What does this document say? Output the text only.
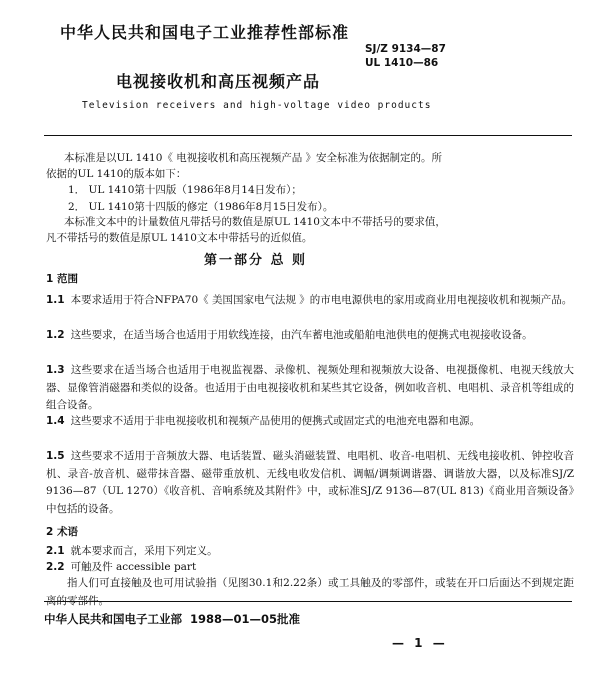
中华人民共和国电子工业推荐性部标准
SJ/Z 9134—87
UL 1410—86
电视接收机和高压视频产品
Television receivers and high-voltage video products
本标准是以UL 1410《 电视接收机和高压视频产品 》安全标准为依据制定的。所
依据的UL 1410的版本如下：
1． UL 1410第十四版（1986年8月14日发布）；
2． UL 1410第十四版的修定（1986年8月15日发布）。
本标准文本中的计量数值凡带括号的数值是原UL 1410文本中不带括号的要求值，
凡不带括号的数值是原UL 1410文本中带括号的近似值。
第一部分 总 则
1 范围
1.1 本要求适用于符合NFPA70《 美国国家电气法规 》的市电电源供电的家用或商业用电视接收机和视频产品。
1.2 这些要求，在适当场合也适用于用软线连接，由汽车蓄电池或船舶电池供电的便携式电视接收设备。
1.3 这些要求在适当场合也适用于电视监视器、录像机、视频处理和视频放大设备、电视摄像机、电视天线放大器、显像管消磁器和类似的设备。也适用于由电视接收机和某些其它设备，例如收音机、电唱机、录音机等组成的组合设备。
1.4 这些要求不适用于非电视接收机和视频产品使用的便携式或固定式的电池充电器和电源。
1.5 这些要求不适用于音频放大器、电话装置、磁头消磁装置、电唱机、收音-电唱机、无线电接收机、钟控收音机、录音-放音机、磁带抹音器、磁带重放机、无线电收发信机、调幅/调频调谐器、调谐放大器，以及标准SJ/Z 9136—87（UL 1270）《收音机、音响系统及其附件》中，或标准SJ/Z 9136—87(UL 813)《商业用音频设备》中包括的设备。
2 术语
2.1 就本要求而言，采用下列定义。
2.2 可触及件 accessible part
指人们可直接触及也可用试验指（见图30.1和2.22条）或工具触及的零部件，或装在开口后面达不到规定距离的零部件。
中华人民共和国电子工业部 1988—01—05批准
— 1 —
